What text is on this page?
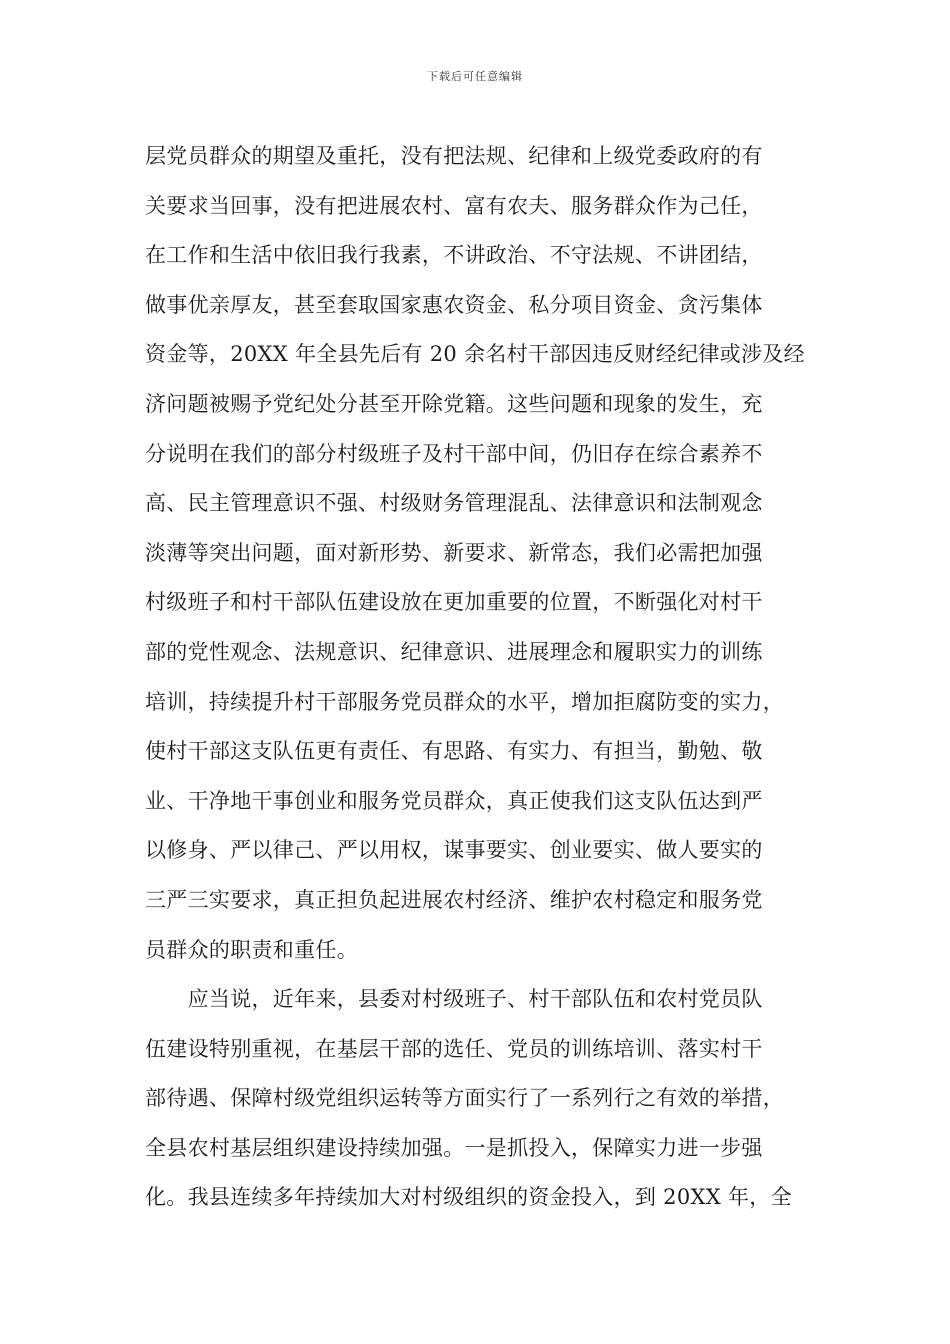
下载后可任意编辑
层党员群众的期望及重托，没有把法规、纪律和上级党委政府的有
关要求当回事，没有把进展农村、富有农夫、服务群众作为己任，
在工作和生活中依旧我行我素，不讲政治、不守法规、不讲团结，
做事优亲厚友，甚至套取国家惠农资金、私分项目资金、贪污集体
资金等，20XX 年全县先后有 20 余名村干部因违反财经纪律或涉及经
济问题被赐予党纪处分甚至开除党籍。这些问题和现象的发生，充
分说明在我们的部分村级班子及村干部中间，仍旧存在综合素养不
高、民主管理意识不强、村级财务管理混乱、法律意识和法制观念
淡薄等突出问题，面对新形势、新要求、新常态，我们必需把加强
村级班子和村干部队伍建设放在更加重要的位置，不断强化对村干
部的党性观念、法规意识、纪律意识、进展理念和履职实力的训练
培训，持续提升村干部服务党员群众的水平，增加拒腐防变的实力，
使村干部这支队伍更有责任、有思路、有实力、有担当，勤勉、敬
业、干净地干事创业和服务党员群众，真正使我们这支队伍达到严
以修身、严以律己、严以用权，谋事要实、创业要实、做人要实的
三严三实要求，真正担负起进展农村经济、维护农村稳定和服务党
员群众的职责和重任。
　　应当说，近年来，县委对村级班子、村干部队伍和农村党员队
伍建设特别重视，在基层干部的选任、党员的训练培训、落实村干
部待遇、保障村级党组织运转等方面实行了一系列行之有效的举措，
全县农村基层组织建设持续加强。一是抓投入，保障实力进一步强
化。我县连续多年持续加大对村级组织的资金投入，到 20XX 年，全
